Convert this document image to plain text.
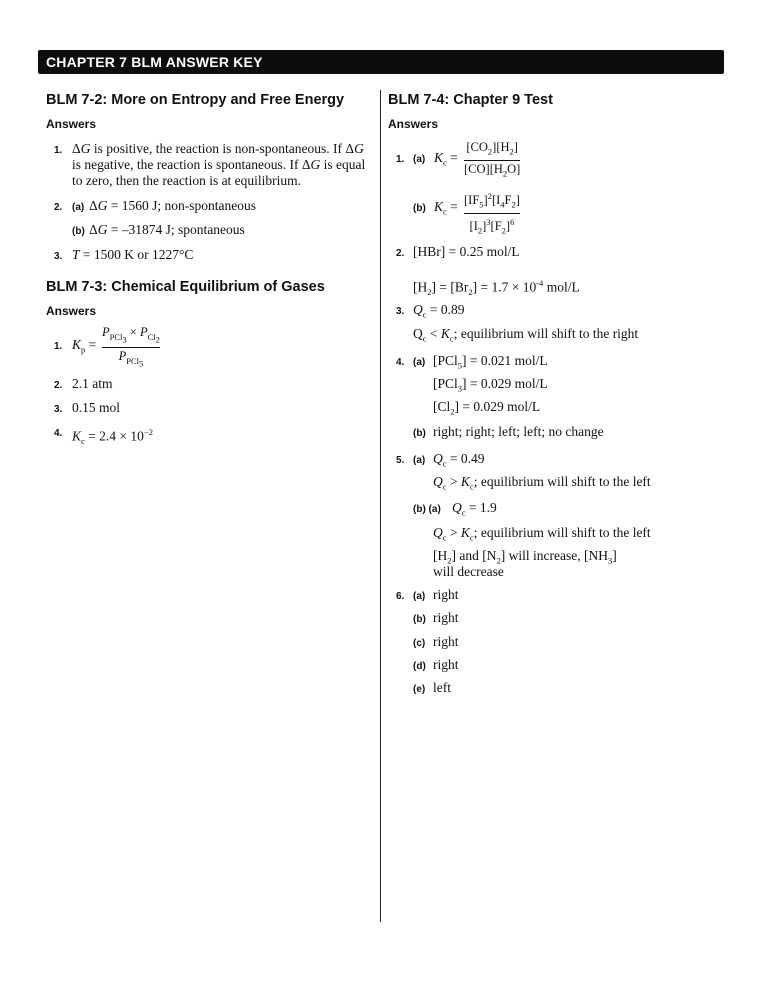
CHAPTER 7 BLM ANSWER KEY
BLM 7-2: More on Entropy and Free Energy
Answers
1. ΔG is positive, the reaction is non-spontaneous. If ΔG
is negative, the reaction is spontaneous. If ΔG is equal
to zero, then the reaction is at equilibrium.
2. (a) ΔG = 1560 J; non-spontaneous
(b) ΔG = –31874 J; spontaneous
3. T = 1500 K or 1227°C
BLM 7-3: Chemical Equilibrium of Gases
Answers
1. $K_p$ =
$P_{PCl_3} \times P_{Cl_2}$
$P_{PCl_5}$
2. 2.1 atm
3. 0.15 mol
4. $K_c = 2.4 \times 10^{-2}$
BLM 7-4: Chapter 9 Test
Answers
1. (a) $K_c$ =
$[CO_2][H_2]$
$[CO][H_2O]$
(b) $K_c = [IF_5]^2[I_4F_2]$
$[I_2]^3[F_2]^6$
2. [HBr] = 0.25 mol/L
$[H_2] = [Br_2] = 1.7 \times 10^{-4}$ mol/L
3. $Q_c = 0.89$
$Q_c < K_c$; equilibrium will shift to the right
4. (a) [PCl$_5$] = 0.021 mol/L
[PCl$_3$] = 0.029 mol/L
$[Cl_2] = 0.029$ mol/L
(b) right; right; left; left; no change
5. (a) $Q_c = 0.49$
$Q_c > K_c$; equilibrium will shift to the left
(b) (a) $Q_c = 1.9$
$Q_c > K_c$; equilibrium will shift to the left
$[H_2]$ and $[N_2]$ will increase, $[NH_3]$
will decrease
6. (a) right
(b) right
(c) right
(d) right
(e) left
